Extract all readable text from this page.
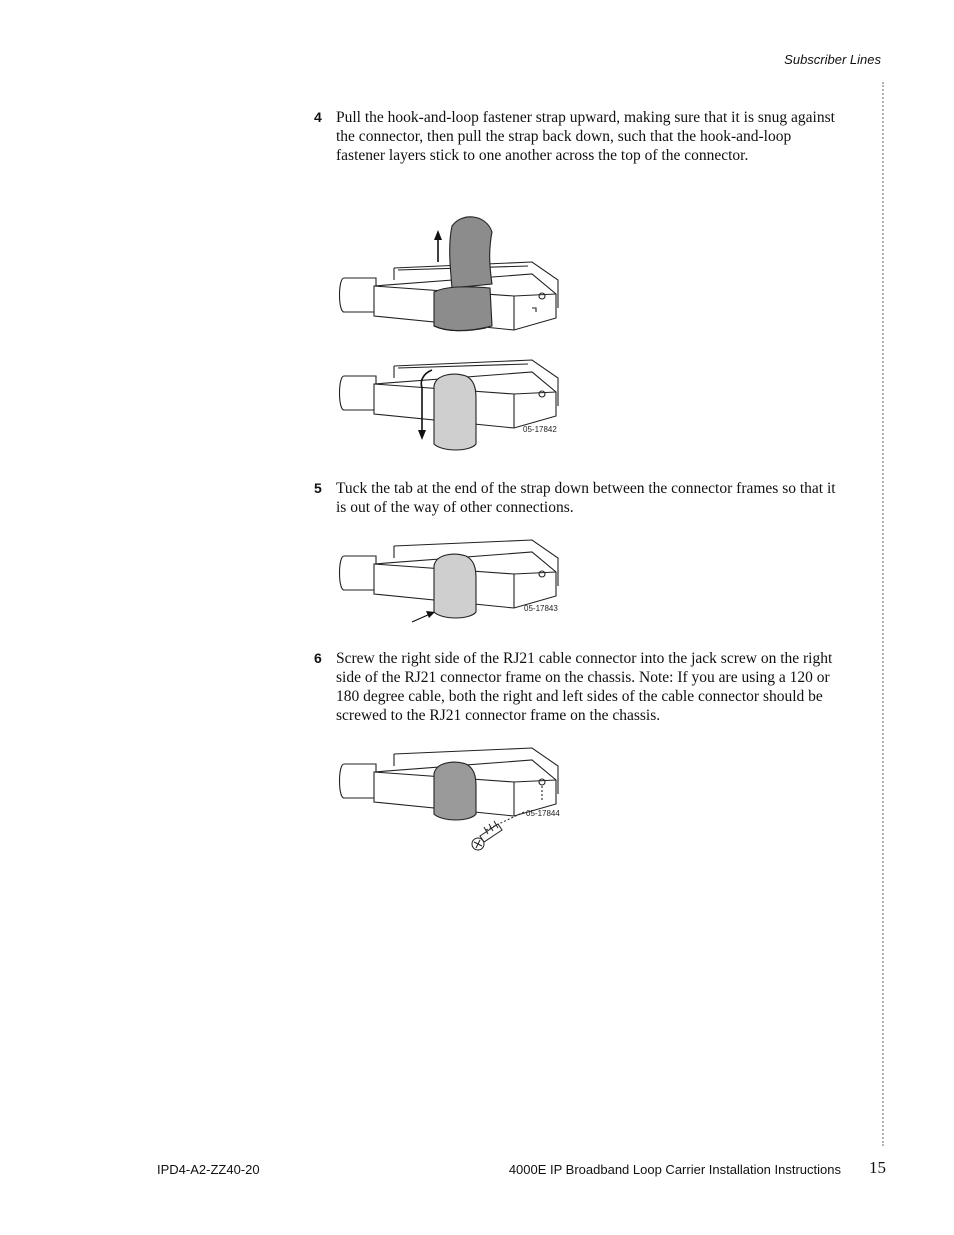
Subscriber Lines
4 Pull the hook-and-loop fastener strap upward, making sure that it is snug against the connector, then pull the strap back down, such that the hook-and-loop fastener layers stick to one another across the top of the connector.
05-17842
5 Tuck the tab at the end of the strap down between the connector frames so that it is out of the way of other connections.
05-17843
6 Screw the right side of the RJ21 cable connector into the jack screw on the right side of the RJ21 connector frame on the chassis. Note: If you are using a 120 or 180 degree cable, both the right and left sides of the cable connector should be screwed to the RJ21 connector frame on the chassis.
05-17844
IPD4-A2-ZZ40-20	4000E IP Broadband Loop Carrier Installation Instructions 15
